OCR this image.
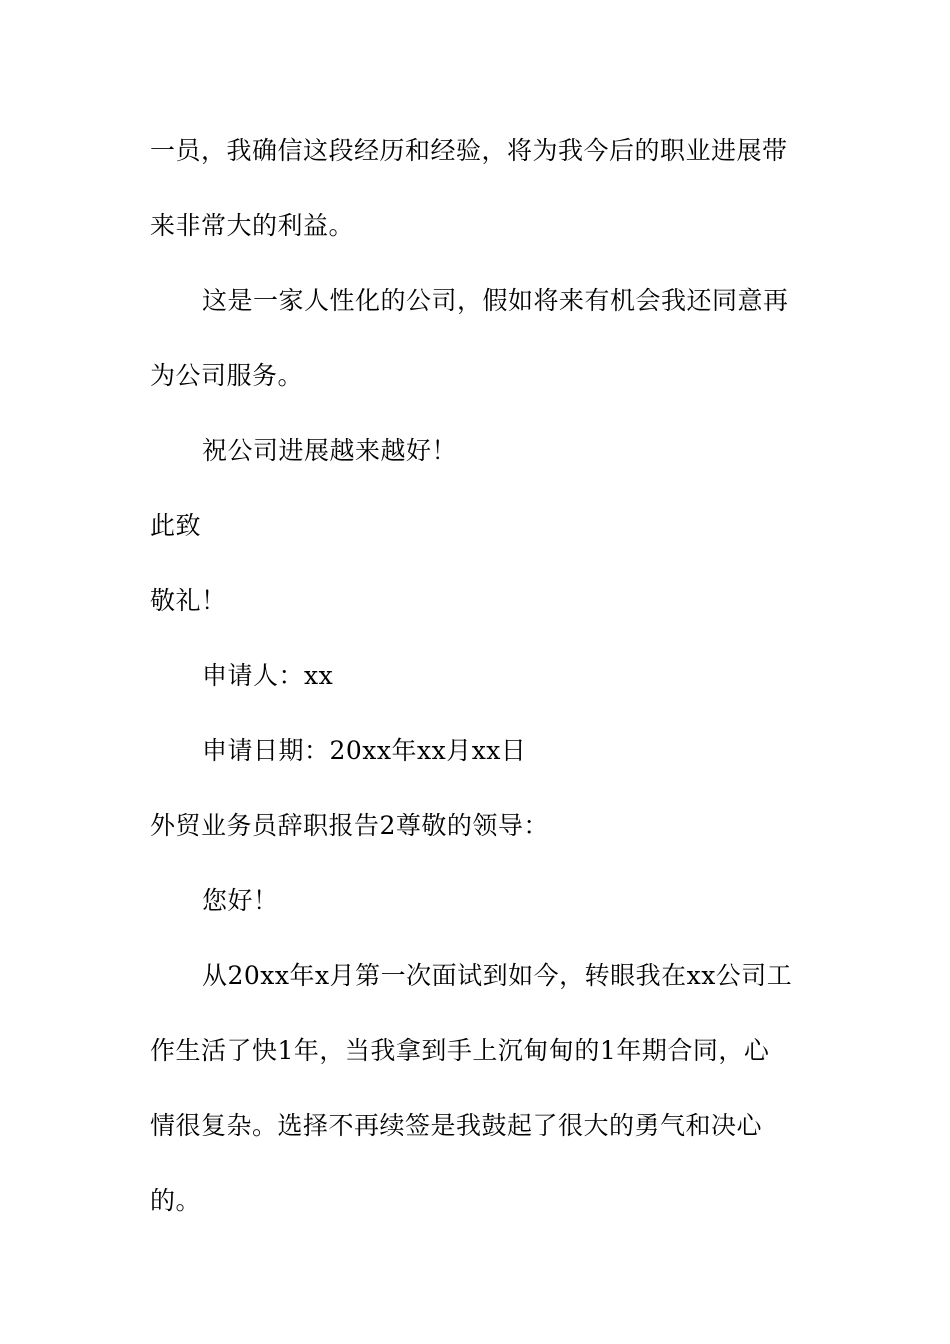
一员，我确信这段经历和经验，将为我今后的职业进展带
来非常大的利益。
这是一家人性化的公司，假如将来有机会我还同意再
为公司服务。
祝公司进展越来越好！
此致
敬礼！
申请人：xx
申请日期：20xx年xx月xx日
外贸业务员辞职报告2尊敬的领导：
您好！
从20xx年x月第一次面试到如今，转眼我在xx公司工
作生活了快1年，当我拿到手上沉甸甸的1年期合同，心
情很复杂。选择不再续签是我鼓起了很大的勇气和决心
的。
